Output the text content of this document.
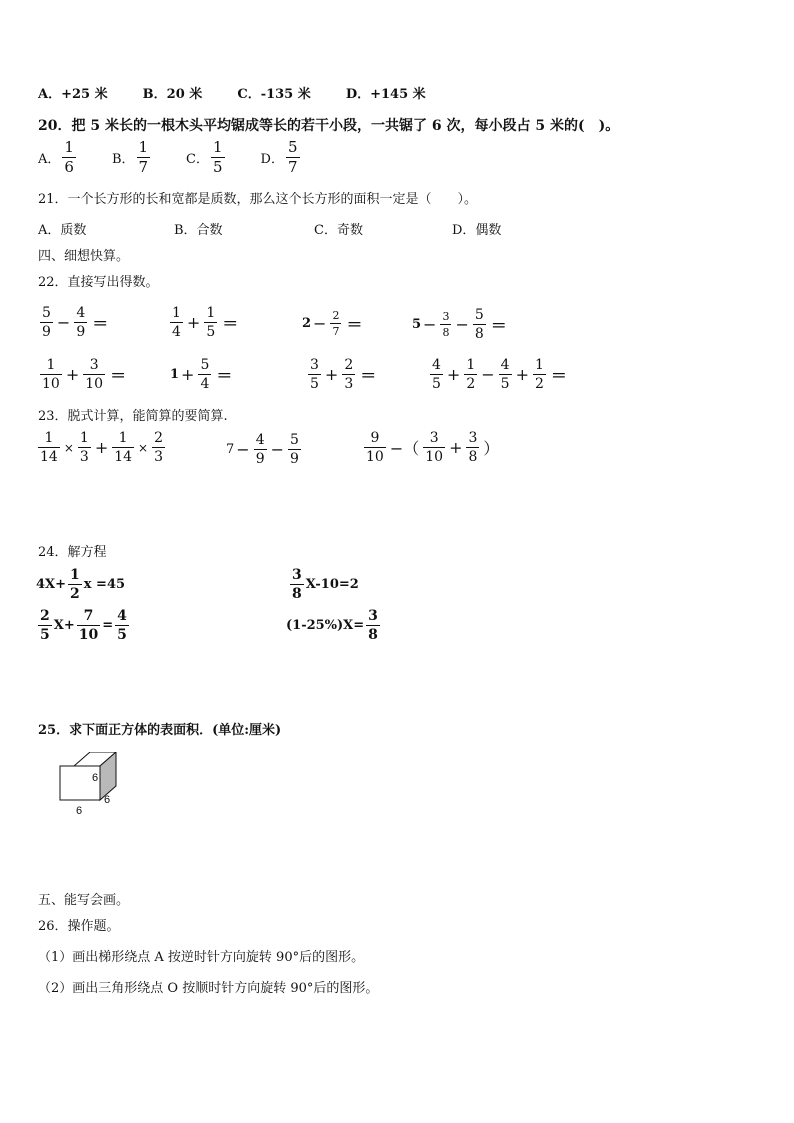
A．+25 米	B．20 米	C．-135 米	D．+145 米
20．把 5 米长的一根木头平均锯成等长的若干小段，一共锯了 6 次，每小段占 5 米的(　)。
A． $\frac{1}{6}$	B． $\frac{1}{7}$	C． $\frac{1}{5}$	D． $\frac{5}{7}$
21．一个长方形的长和宽都是质数，那么这个长方形的面积一定是（　　）。
A．质数	B．合数	C．奇数	D．偶数
四、细想快算。
22．直接写出得数。
$\frac{5}{9} - \frac{4}{9}$ ＝	$\frac{1}{4} + \frac{1}{5}$ ＝	$2 - \frac{2}{7}$ ＝	$5 - \frac{3}{8} - \frac{5}{8}$ ＝
$\frac{1}{10} + \frac{3}{10}$ ＝	$1 + \frac{5}{4}$ ＝	$\frac{3}{5} + \frac{2}{3}$ ＝	$\frac{4}{5} + \frac{1}{2} - \frac{4}{5} + \frac{1}{2}$ ＝
23．脱式计算，能简算的要简算.
$\frac{1}{14} \times \frac{1}{3} + \frac{1}{14} \times \frac{2}{3}$	$7 - \frac{4}{9} - \frac{5}{9}$	$\frac{9}{10}$ −（ $\frac{3}{10} + \frac{3}{8}$ ）
24．解方程
$4X+ \frac{1}{2}$ x =45	$\frac{3}{8} X-10=2$
$\frac{2}{5} X+ \frac{7}{10} = \frac{4}{5}$	$(1-25\%)X= \frac{3}{8}$
25．求下面正方体的表面积．(单位:厘米)
6
6
6
五、能写会画。
26．操作题。
（1）画出梯形绕点 A 按逆时针方向旋转 90°后的图形。
（2）画出三角形绕点 O 按顺时针方向旋转 90°后的图形。
